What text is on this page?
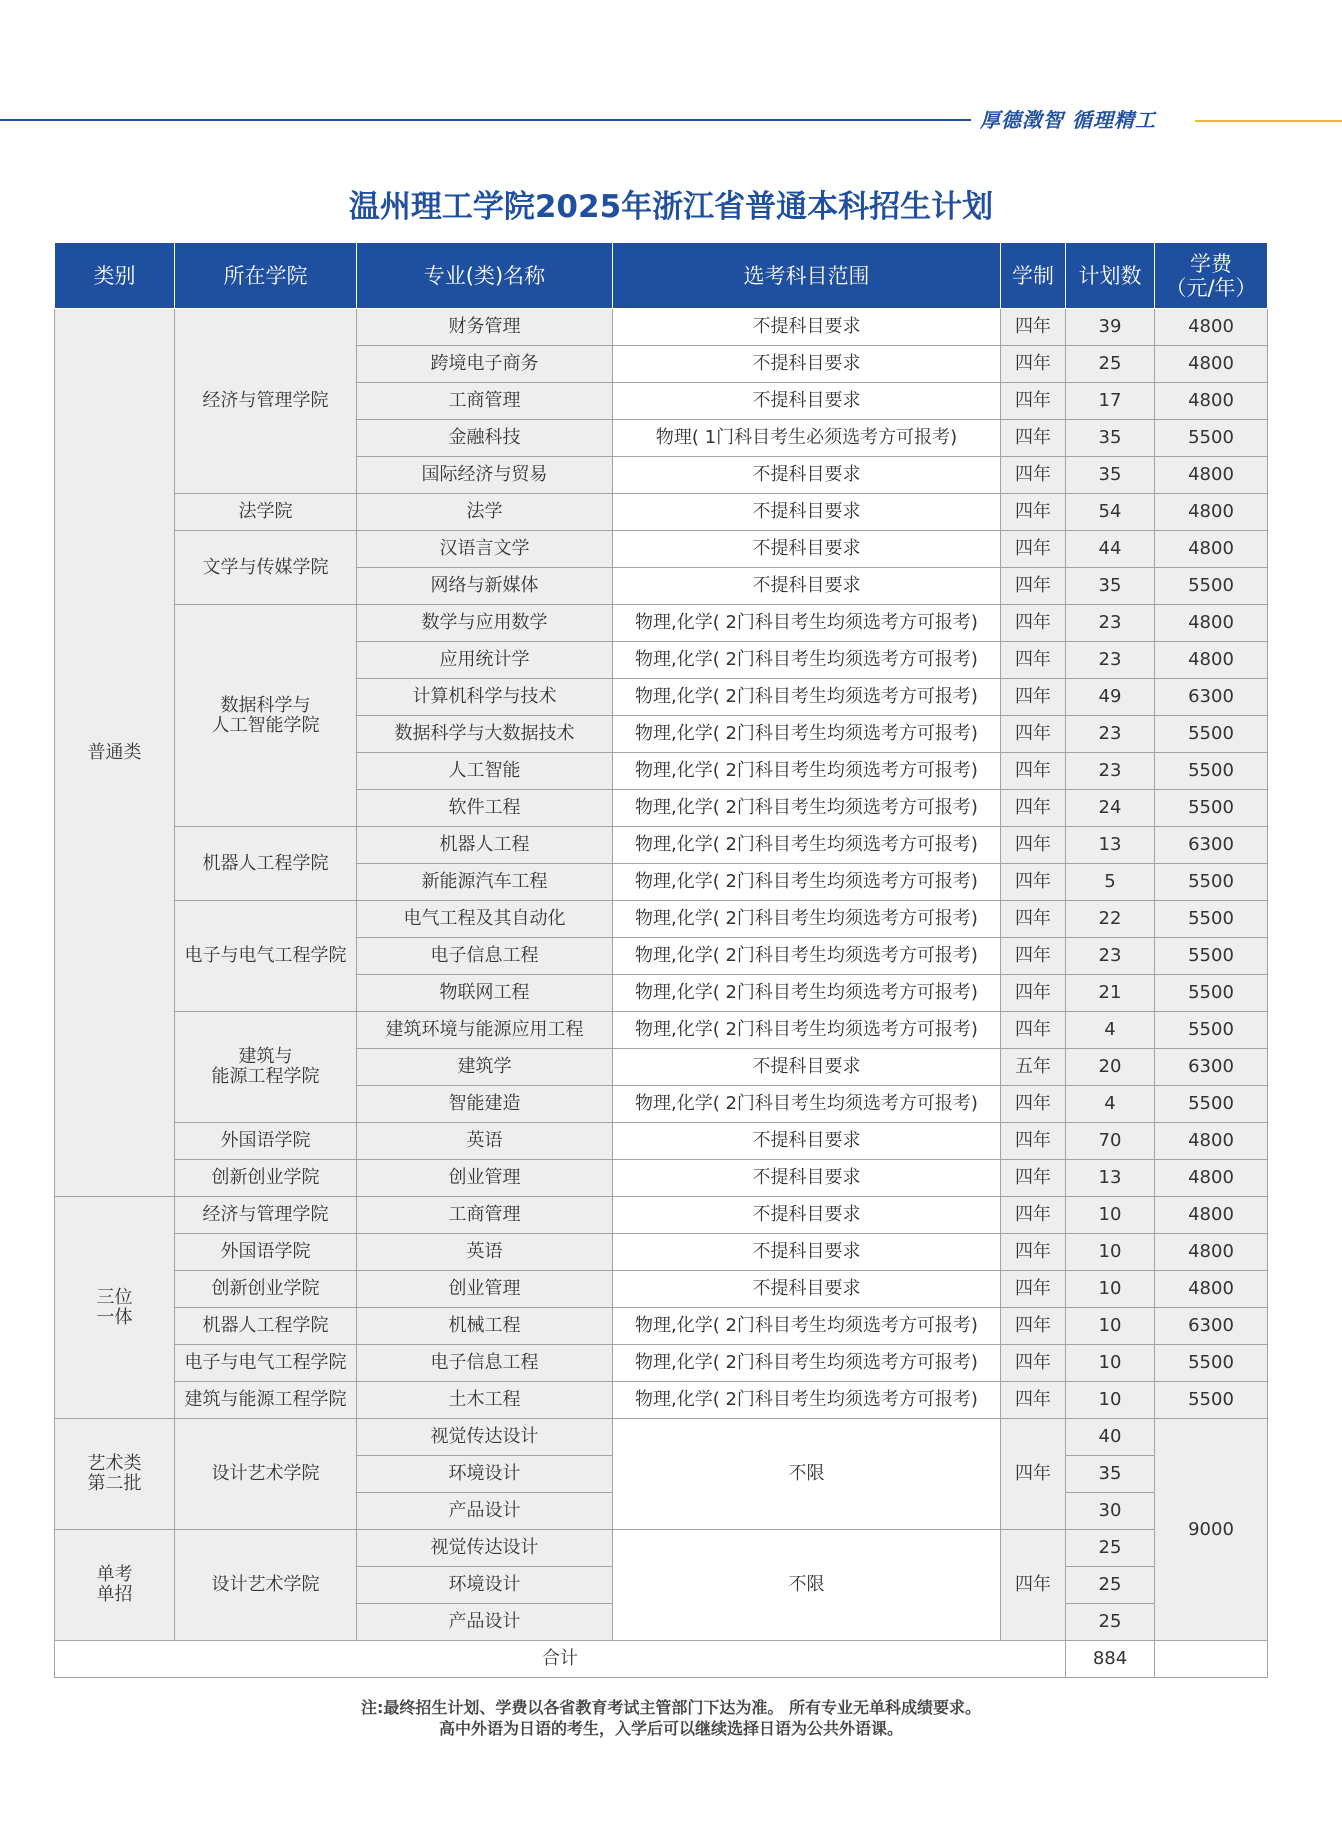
厚德澂智 循理精工
温州理工学院2025年浙江省普通本科招生计划
类别	所在学院	专业(类)名称	选考科目范围	学制	计划数	学费
（元/年）

普通类	经济与管理学院	财务管理	不提科目要求	四年	39	4800
		跨境电子商务	不提科目要求	四年	25	4800
		工商管理	不提科目要求	四年	17	4800
		金融科技	物理( 1门科目考生必须选考方可报考)	四年	35	5500
		国际经济与贸易	不提科目要求	四年	35	4800
	法学院	法学	不提科目要求	四年	54	4800
	文学与传媒学院	汉语言文学	不提科目要求	四年	44	4800
		网络与新媒体	不提科目要求	四年	35	5500
	数据科学与
人工智能学院	数学与应用数学	物理,化学( 2门科目考生均须选考方可报考)	四年	23	4800
		应用统计学	物理,化学( 2门科目考生均须选考方可报考)	四年	23	4800
		计算机科学与技术	物理,化学( 2门科目考生均须选考方可报考)	四年	49	6300
		数据科学与大数据技术	物理,化学( 2门科目考生均须选考方可报考)	四年	23	5500
		人工智能	物理,化学( 2门科目考生均须选考方可报考)	四年	23	5500
		软件工程	物理,化学( 2门科目考生均须选考方可报考)	四年	24	5500
	机器人工程学院	机器人工程	物理,化学( 2门科目考生均须选考方可报考)	四年	13	6300
		新能源汽车工程	物理,化学( 2门科目考生均须选考方可报考)	四年	5	5500
	电子与电气工程学院	电气工程及其自动化	物理,化学( 2门科目考生均须选考方可报考)	四年	22	5500
		电子信息工程	物理,化学( 2门科目考生均须选考方可报考)	四年	23	5500
		物联网工程	物理,化学( 2门科目考生均须选考方可报考)	四年	21	5500
	建筑与
能源工程学院	建筑环境与能源应用工程	物理,化学( 2门科目考生均须选考方可报考)	四年	4	5500
		建筑学	不提科目要求	五年	20	6300
		智能建造	物理,化学( 2门科目考生均须选考方可报考)	四年	4	5500
	外国语学院	英语	不提科目要求	四年	70	4800
	创新创业学院	创业管理	不提科目要求	四年	13	4800
三位
一体	经济与管理学院	工商管理	不提科目要求	四年	10	4800
	外国语学院	英语	不提科目要求	四年	10	4800
	创新创业学院	创业管理	不提科目要求	四年	10	4800
	机器人工程学院	机械工程	物理,化学( 2门科目考生均须选考方可报考)	四年	10	6300
	电子与电气工程学院	电子信息工程	物理,化学( 2门科目考生均须选考方可报考)	四年	10	5500
	建筑与能源工程学院	土木工程	物理,化学( 2门科目考生均须选考方可报考)	四年	10	5500
艺术类
第二批	设计艺术学院	视觉传达设计	不限	四年	40	9000
		环境设计			35	
		产品设计			30	
单考
单招	设计艺术学院	视觉传达设计	不限	四年	25	
		环境设计			25	
		产品设计			25	
合计					884	
注:最终招生计划、学费以各省教育考试主管部门下达为准。 所有专业无单科成绩要求。
高中外语为日语的考生，入学后可以继续选择日语为公共外语课。
